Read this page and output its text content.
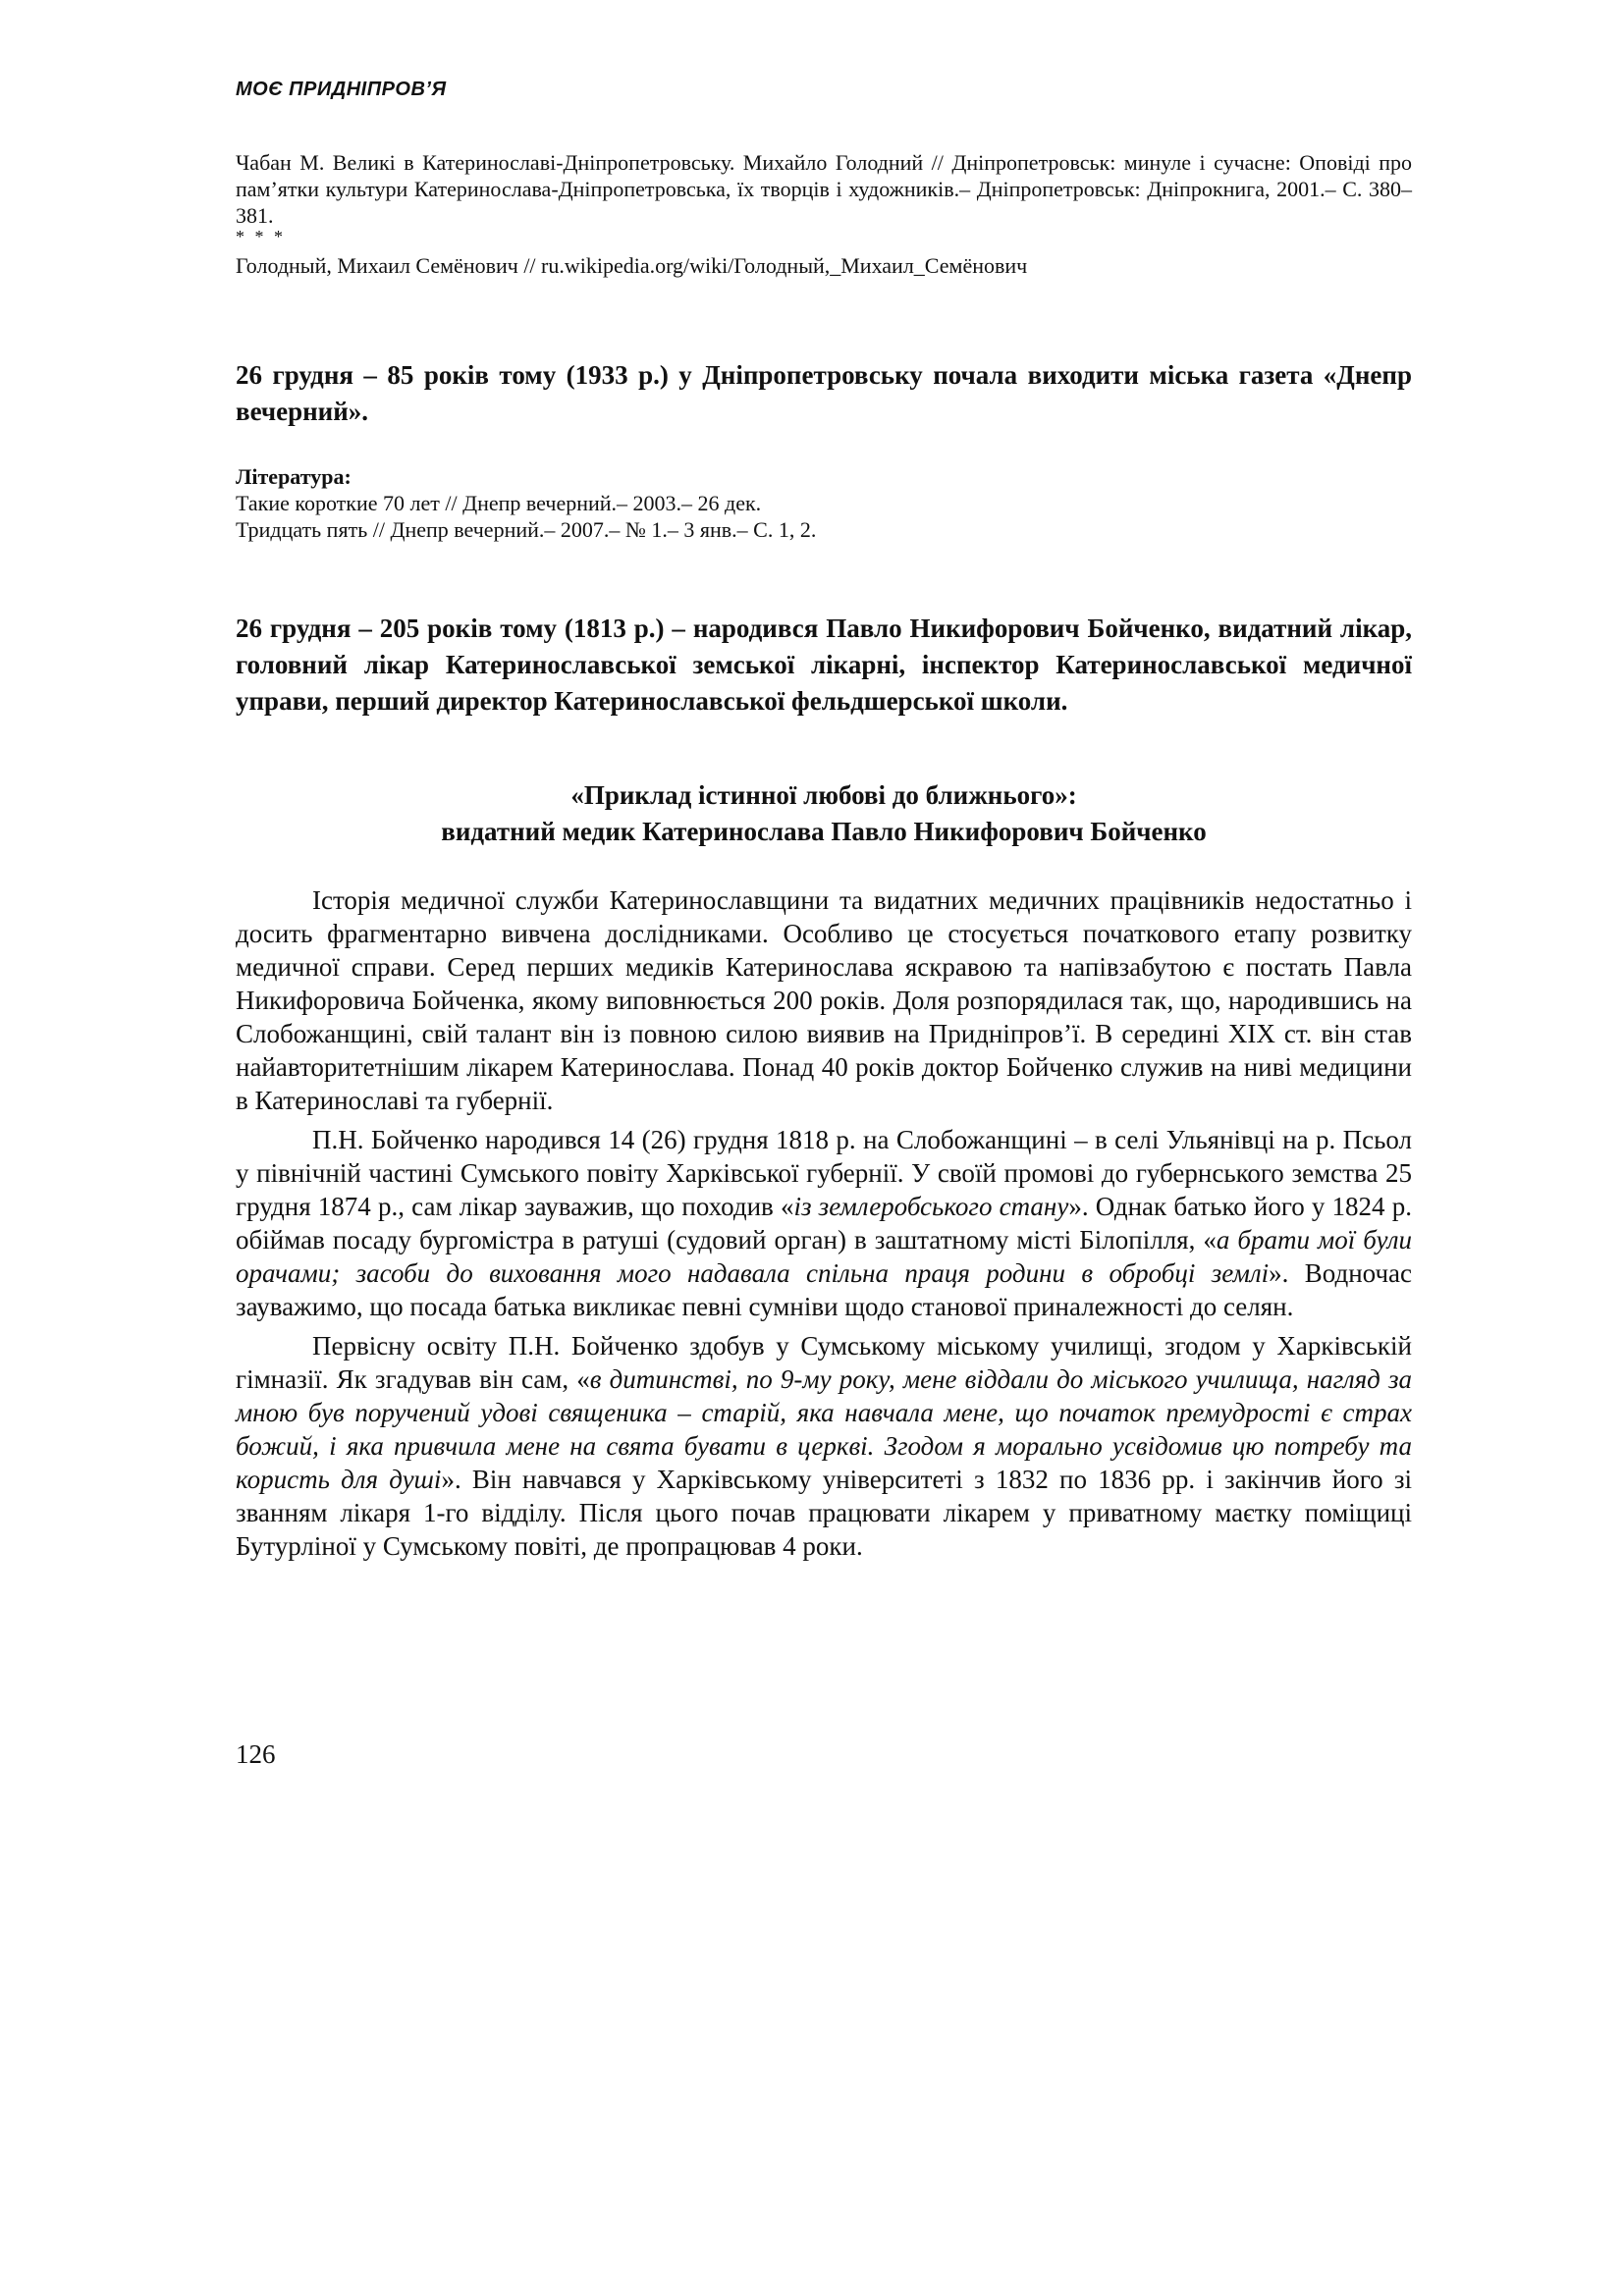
МОЄ ПРИДНІПРОВ’Я

Чабан М. Великі в Катеринославі-Дніпропетровську. Михайло Голодний // Дніпропетровськ: минуле і сучасне: Оповіді про пам’ятки культури Катеринослава-Дніпропетровська, їх творців і художників.– Дніпропетровськ: Дніпрокнига, 2001.– С. 380–381.

* * *

Голодный, Михаил Семёнович // ru.wikipedia.org/wiki/Голодный,_Михаил_Семёнович

26 грудня – 85 років тому (1933 р.) у Дніпропетровську почала виходити міська газета «Днепр вечерний».

Література:

Такие короткие 70 лет // Днепр вечерний.– 2003.– 26 дек.

Тридцать пять // Днепр вечерний.– 2007.– № 1.– 3 янв.– С. 1, 2.

26 грудня – 205 років тому (1813 р.) – народився Павло Никифорович Бойченко, видатний лікар, головний лікар Катеринославської земської лікарні, інспектор Катеринославської медичної управи, перший директор Катеринославської фельдшерської школи.

«Приклад істинної любові до ближнього»:

видатний медик Катеринослава Павло Никифорович Бойченко

Історія медичної служби Катеринославщини та видатних медичних працівників недостатньо і досить фрагментарно вивчена дослідниками. Особливо це стосується початкового етапу розвитку медичної справи. Серед перших медиків Катеринослава яскравою та напівзабутою є постать Павла Никифоровича Бойченка, якому виповнюється 200 років. Доля розпорядилася так, що, народившись на Слобожанщині, свій талант він із повною силою виявив на Придніпров’ї. В середині ХІХ ст. він став найавторитетнішим лікарем Катеринослава. Понад 40 років доктор Бойченко служив на ниві медицини в Катеринославі та губернії.

П.Н. Бойченко народився 14 (26) грудня 1818 р. на Слобожанщині – в селі Ульянівці на р. Псьол у північній частині Сумського повіту Харківської губернії. У своїй промові до губернського земства 25 грудня 1874 р., сам лікар зауважив, що походив «із землеробського стану». Однак батько його у 1824 р. обіймав посаду бургомістра в ратуші (судовий орган) в заштатному місті Білопілля, «а брати мої були орачами; засоби до виховання мого надавала спільна праця родини в обробці землі». Водночас зауважимо, що посада батька викликає певні сумніви щодо станової приналежності до селян.

Первісну освіту П.Н. Бойченко здобув у Сумському міському училищі, згодом у Харківській гімназії. Як згадував він сам, «в дитинстві, по 9-му року, мене віддали до міського училища, нагляд за мною був поручений удові священика – старій, яка навчала мене, що початок премудрості є страх божий, і яка привчила мене на свята бувати в церкві. Згодом я морально усвідомив цю потребу та користь для душі». Він навчався у Харківському університеті з 1832 по 1836 рр. і закінчив його зі званням лікаря 1-го відділу. Після цього почав працювати лікарем у приватному маєтку поміщиці Бутурліної у Сумському повіті, де пропрацював 4 роки.

126
